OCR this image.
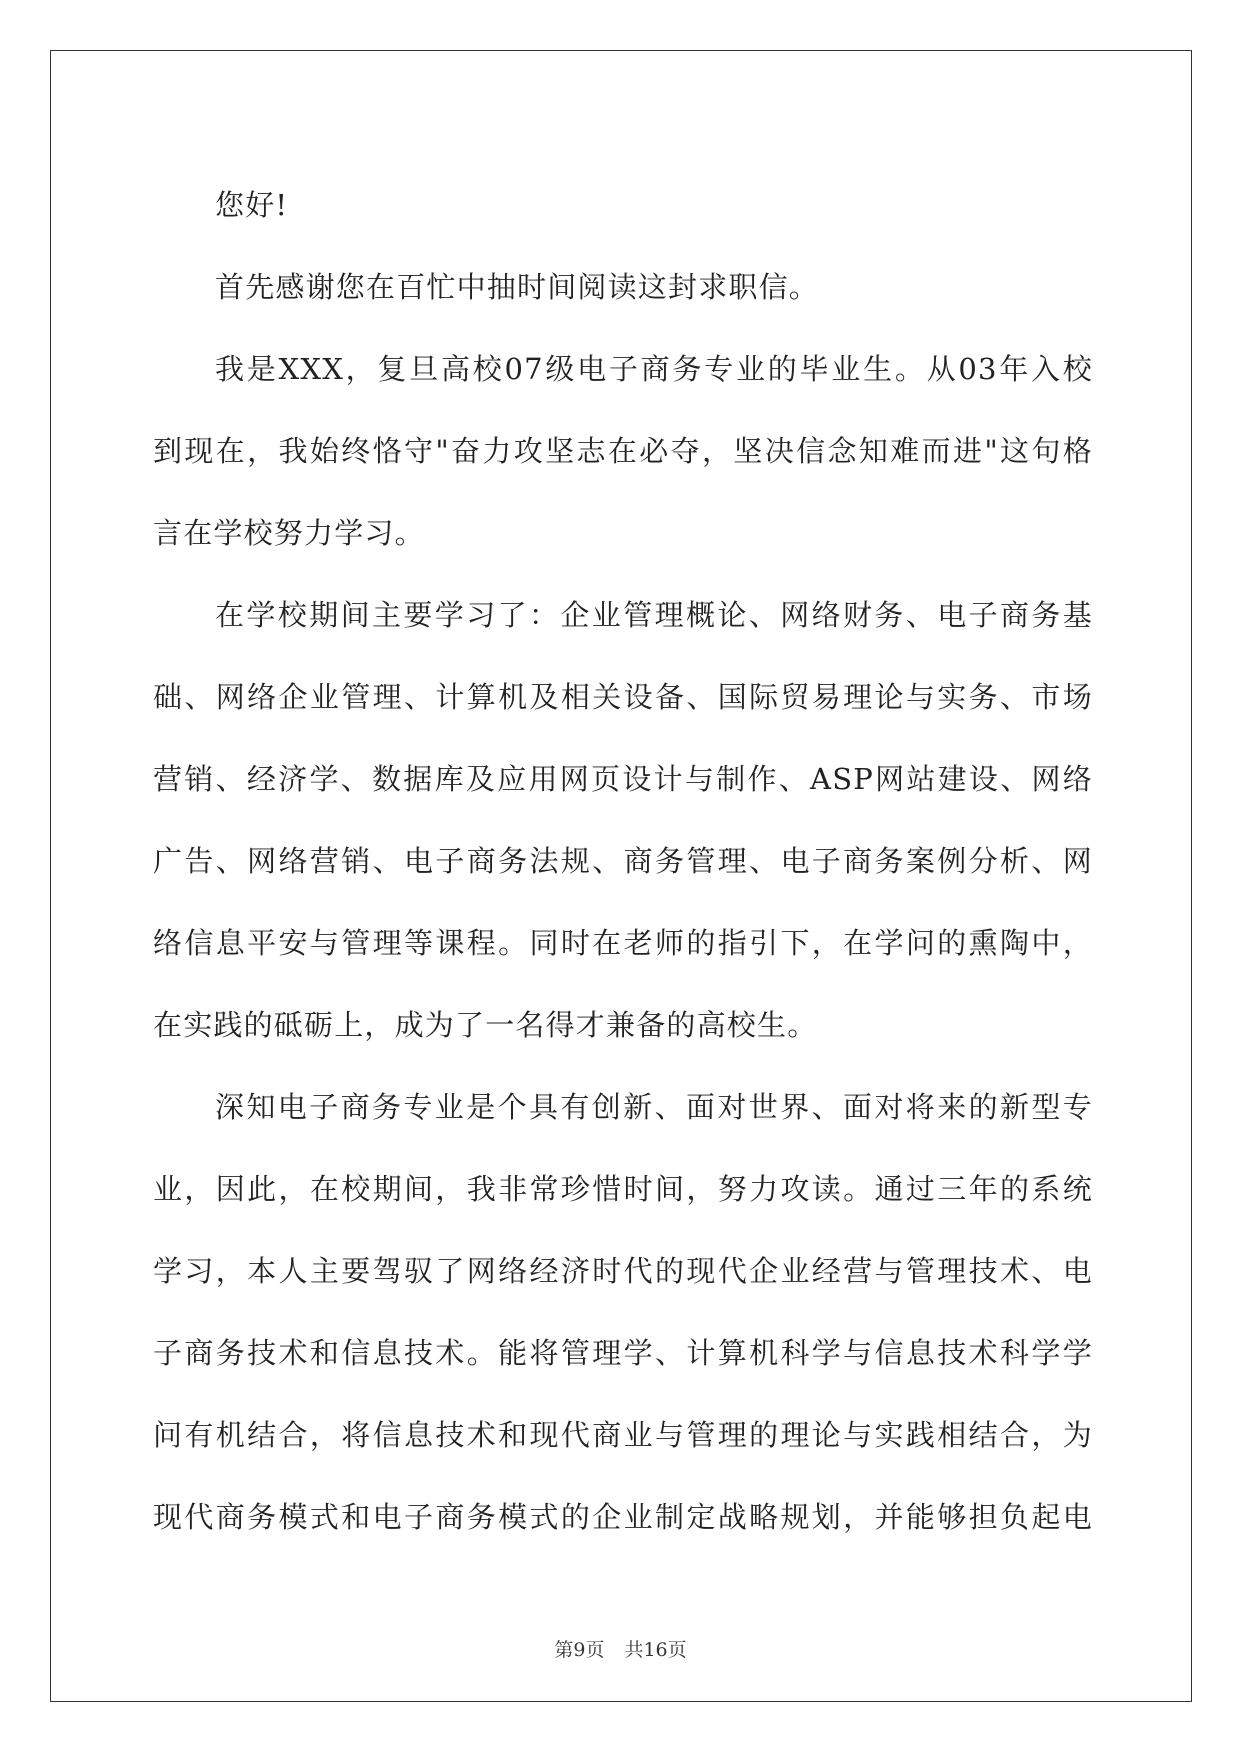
您好!
首先感谢您在百忙中抽时间阅读这封求职信。
我是XXX，复旦高校07级电子商务专业的毕业生。从03年入校
到现在，我始终恪守"奋力攻坚志在必夺，坚决信念知难而进"这句格
言在学校努力学习。
在学校期间主要学习了：企业管理概论、网络财务、电子商务基
础、网络企业管理、计算机及相关设备、国际贸易理论与实务、市场
营销、经济学、数据库及应用网页设计与制作、ASP网站建设、网络
广告、网络营销、电子商务法规、商务管理、电子商务案例分析、网
络信息平安与管理等课程。同时在老师的指引下，在学问的熏陶中，
在实践的砥砺上，成为了一名得才兼备的高校生。
深知电子商务专业是个具有创新、面对世界、面对将来的新型专
业，因此，在校期间，我非常珍惜时间，努力攻读。通过三年的系统
学习，本人主要驾驭了网络经济时代的现代企业经营与管理技术、电
子商务技术和信息技术。能将管理学、计算机科学与信息技术科学学
问有机结合，将信息技术和现代商业与管理的理论与实践相结合，为
现代商务模式和电子商务模式的企业制定战略规划，并能够担负起电
第9页 共16页
